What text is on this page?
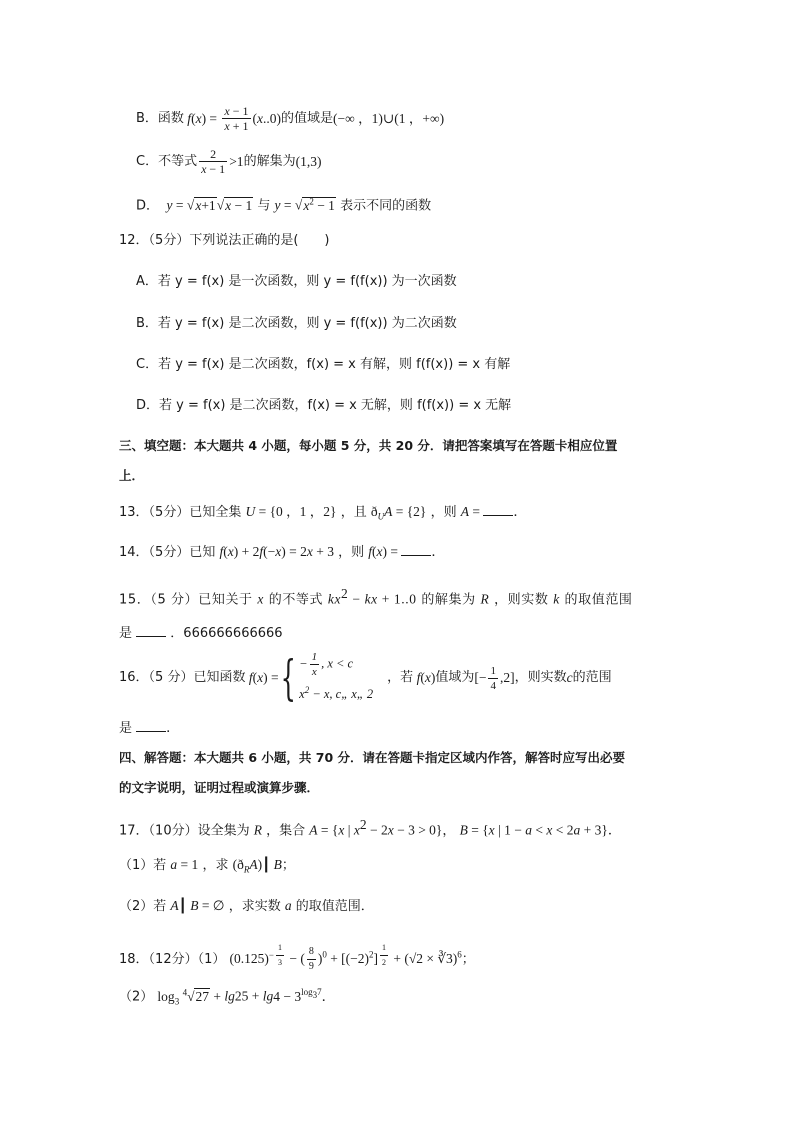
B．函数 f ( x ) = $\frac{x - 1}{x + 1}$ ( x ..0) 的值域是 (−∞ ，1)∪(1 ，+∞)
C．不等式 $\frac{2}{x - 1} >1$ 的解集为 (1,3)
D．  y = √x+1√x − 1 与 $y = √x^2 - 1$ 表示不同的函数
12．（5分）下列说法正确的是(　　)
A．若 y = f(x) 是一次函数，则 y = f(f(x)) 为一次函数
B．若 y = f(x) 是二次函数，则 y = f(f(x)) 为二次函数
C．若 y = f(x) 是二次函数，f(x) = x 有解，则 f(f(x)) = x 有解
D．若 y = f(x) 是二次函数，f(x) = x 无解，则 f(f(x)) = x 无解
三、填空题：本大题共 4 小题，每小题 5 分，共 20 分．请把答案填写在答题卡相应位置
上．
13．（5分）已知全集 U = {0 ，1 ，2} ，且 $ð_UA = \{2\}$ ，则 A = ．
14．（5分）已知 f(x) + 2f(−x) = 2x + 3 ，则 f(x) = ．
15．（5 分）已知关于 x 的不等式 $kx^2$ − kx + 1..0 的解集为 R ，则实数 k 的取值范围
是	．666666666666
16．（5 分）已知函数 f ( x ) = { − $\frac{1}{x}$ , x < c
$x^2 - x$, c„ x„ 2
，若 f ( x ) 值域为 [− $\frac{1}{4} ,2$] ，则实数 c 的范围
是	．
四、解答题：本大题共 6 小题，共 70 分．请在答题卡指定区域内作答，解答时应写出必要
的文字说明，证明过程或演算步骤．
17．（10分）设全集为 R ，集合 A = {x | $x^2 - 2x - 3 > 0$}， B = {x | 1 − a < x < 2a + 3}．
（1）若 a = 1 ，求 $(ð_RA)┃$ B；
（2）若 A┃ B = ∅ ，求实数 a 的取值范围．
18．（12分）（1） $(0.125)^{- \frac{1}{3}}$ − ( $\frac{8}{9} )^0 + [(-2)^2] ^{\frac{1}{2}} + (√2$ × ∛3)$^6$；
（2） $\log_3 ^4√27 + \lg 25 + \lg 4 - 3^{log_37}$．
